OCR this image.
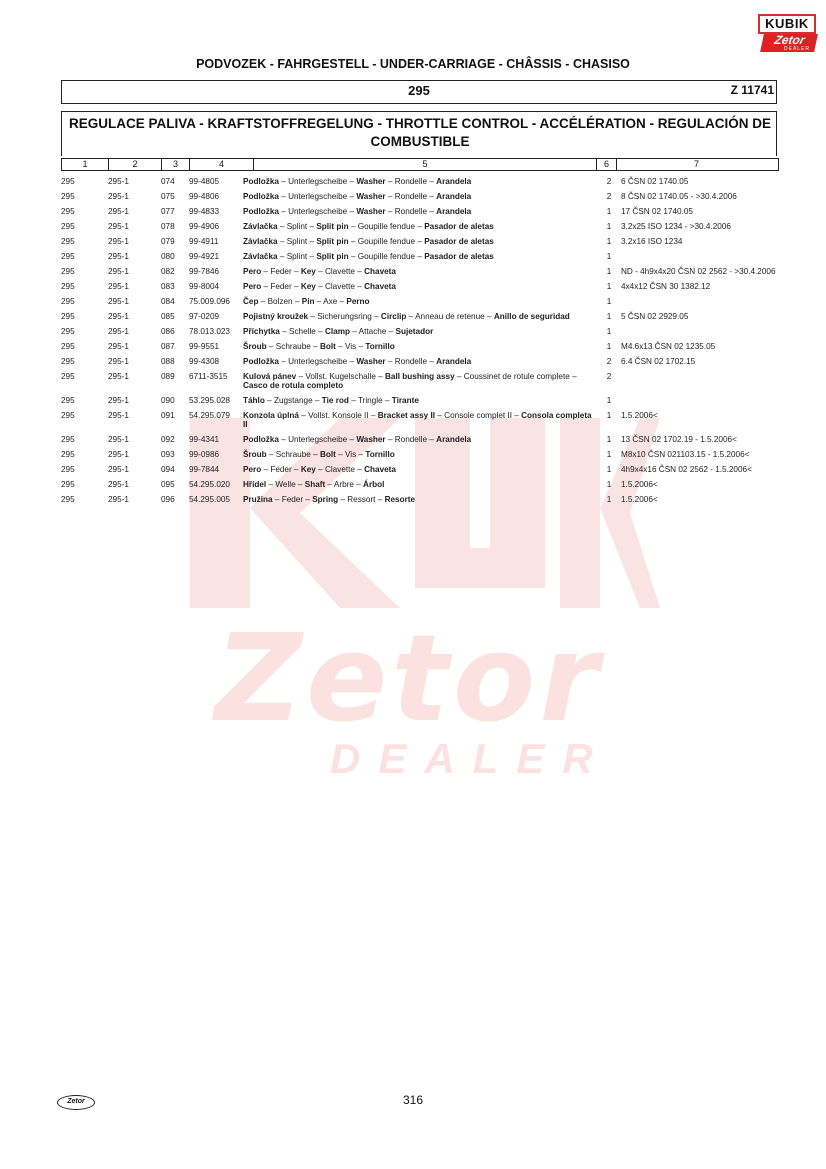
Zetor
DEALER
KUBIK
Zetor
DEALER
PODVOZEK - FAHRGESTELL - UNDER-CARRIAGE - CHÂSSIS - CHASISO
295	Z 11741
REGULACE PALIVA - KRAFTSTOFFREGELUNG - THROTTLE CONTROL - ACCÉLÉRATION - REGULACIÓN DE COMBUSTIBLE
1	2	3	4	5	6	7
295	295-1	074	99-4805	Podložka – Unterlegscheibe – Washer – Rondelle – Arandela	2	6 ČSN 02 1740.05
295	295-1	075	99-4806	Podložka – Unterlegscheibe – Washer – Rondelle – Arandela	2	8 ČSN 02 1740.05 - >30.4.2006
295	295-1	077	99-4833	Podložka – Unterlegscheibe – Washer – Rondelle – Arandela	1	17 ČSN 02 1740.05
295	295-1	078	99-4906	Závlačka – Splint – Split pin – Goupille fendue – Pasador de aletas	1	3.2x25 ISO 1234 - >30.4.2006
295	295-1	079	99-4911	Závlačka – Splint – Split pin – Goupille fendue – Pasador de aletas	1	3.2x16 ISO 1234
295	295-1	080	99-4921	Závlačka – Splint – Split pin – Goupille fendue – Pasador de aletas	1	
295	295-1	082	99-7846	Pero – Feder – Key – Clavette – Chaveta	1	ND - 4h9x4x20 ČSN 02 2562 - >30.4.2006
295	295-1	083	99-8004	Pero – Feder – Key – Clavette – Chaveta	1	4x4x12 ČSN 30 1382.12
295	295-1	084	75.009.096	Čep – Bolzen – Pin – Axe – Perno	1	
295	295-1	085	97-0209	Pojistný kroužek – Sicherungsring – Circlip – Anneau de retenue – Anillo de seguridad	1	5 ČSN 02 2929.05
295	295-1	086	78.013.023	Příchytka – Schelle – Clamp – Attache – Sujetador	1	
295	295-1	087	99-9551	Šroub – Schraube – Bolt – Vis – Tornillo	1	M4.6x13 ČSN 02 1235.05
295	295-1	088	99-4308	Podložka – Unterlegscheibe – Washer – Rondelle – Arandela	2	6.4 ČSN 02 1702.15
295	295-1	089	6711-3515	Kulová pánev – Vollst. Kugelschalle – Ball bushing assy – Coussinet de rotule complete – Casco de rotula completo	2	
295	295-1	090	53.295.028	Táhlo – Zugstange – Tie rod – Tringle – Tirante	1	
295	295-1	091	54.295.079	Konzola úplná – Vollst. Konsole II – Bracket assy II – Console complet II – Consola completa II	1	1.5.2006<
295	295-1	092	99-4341	Podložka – Unterlegscheibe – Washer – Rondelle – Arandela	1	13 ČSN 02 1702.19 - 1.5.2006<
295	295-1	093	99-0986	Šroub – Schraube – Bolt – Vis – Tornillo	1	M8x10 ČSN 021103.15 - 1.5.2006<
295	295-1	094	99-7844	Pero – Feder – Key – Clavette – Chaveta	1	4h9x4x16 ČSN 02 2562 - 1.5.2006<
295	295-1	095	54.295.020	Hřídel – Welle – Shaft – Arbre – Árbol	1	1.5.2006<
295	295-1	096	54.295.005	Pružina – Feder – Spring – Ressort – Resorte	1	1.5.2006<
Zetor	316
